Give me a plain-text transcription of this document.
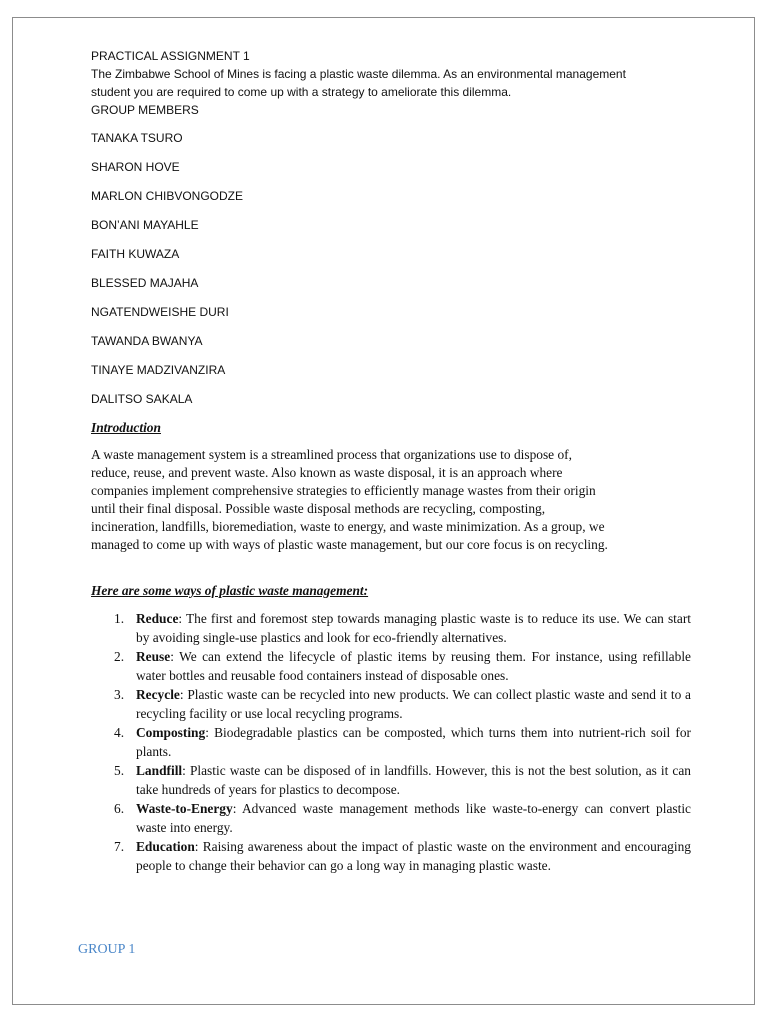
PRACTICAL ASSIGNMENT 1

The Zimbabwe School of Mines is facing a plastic waste dilemma. As an environmental management

student you are required to come up with a strategy to ameliorate this dilemma.

GROUP MEMBERS

TANAKA TSURO
SHARON HOVE
MARLON CHIBVONGODZE
BON’ANI MAYAHLE
FAITH KUWAZA
BLESSED MAJAHA
NGATENDWEISHE DURI
TAWANDA BWANYA
TINAYE MADZIVANZIRA
DALITSO SAKALA

Introduction

A waste management system is a streamlined process that organizations use to dispose of,
reduce, reuse, and prevent waste. Also known as waste disposal, it is an approach where
companies implement comprehensive strategies to efficiently manage wastes from their origin
until their final disposal. Possible waste disposal methods are recycling, composting,
incineration, landfills, bioremediation, waste to energy, and waste minimization. As a group, we
managed to come up with ways of plastic waste management, but our core focus is on recycling.

Here are some ways of plastic waste management:

1. Reduce: The first and foremost step towards managing plastic waste is to reduce its use. We can start by avoiding single-use plastics and look for eco-friendly alternatives.
2. Reuse: We can extend the lifecycle of plastic items by reusing them. For instance, using refillable water bottles and reusable food containers instead of disposable ones.
3. Recycle: Plastic waste can be recycled into new products. We can collect plastic waste and send it to a recycling facility or use local recycling programs.
4. Composting: Biodegradable plastics can be composted, which turns them into nutrient-rich soil for plants.
5. Landfill: Plastic waste can be disposed of in landfills. However, this is not the best solution, as it can take hundreds of years for plastics to decompose.
6. Waste-to-Energy: Advanced waste management methods like waste-to-energy can convert plastic waste into energy.
7. Education: Raising awareness about the impact of plastic waste on the environment and encouraging people to change their behavior can go a long way in managing plastic waste.
GROUP 1
